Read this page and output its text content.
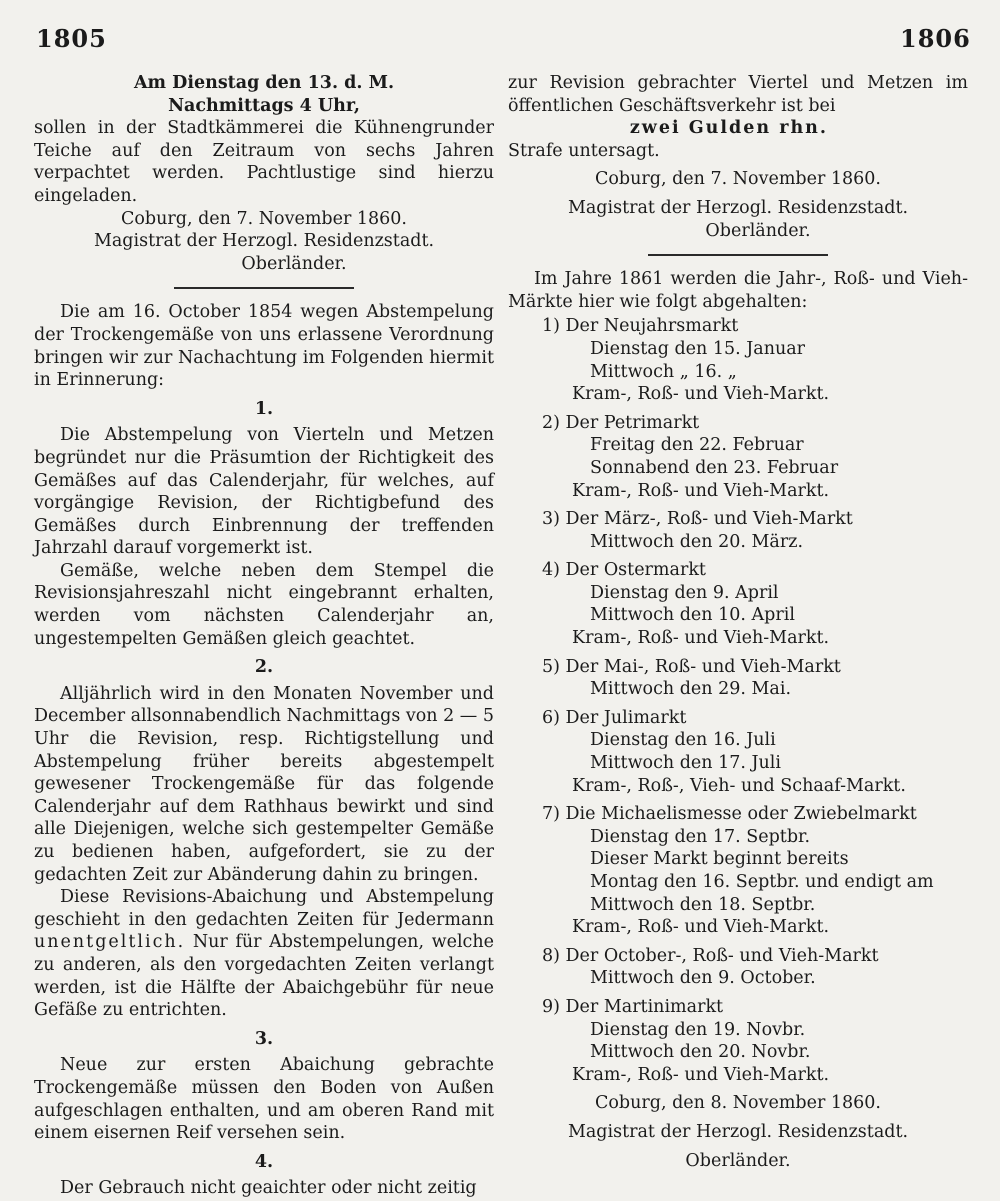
1805	1806

Am Dienstag den 13. d. M.

Nachmittags 4 Uhr,

sollen in der Stadtkämmerei die Kühnengrunder Teiche auf den Zeitraum von sechs Jahren verpachtet werden. Pachtlustige sind hierzu eingeladen.

Coburg, den 7. November 1860.

Magistrat der Herzogl. Residenzstadt.

Oberländer.

Die am 16. October 1854 wegen Abstempelung der Trockengemäße von uns erlassene Verordnung bringen wir zur Nachachtung im Folgenden hiermit in Erinnerung:

1.

Die Abstempelung von Vierteln und Metzen begründet nur die Präsumtion der Richtigkeit des Gemäßes auf das Calenderjahr, für welches, auf vorgängige Revision, der Richtigbefund des Gemäßes durch Einbrennung der treffenden Jahrzahl darauf vorgemerkt ist.

Gemäße, welche neben dem Stempel die Revisionsjahreszahl nicht eingebrannt erhalten, werden vom nächsten Calenderjahr an, ungestempelten Gemäßen gleich geachtet.

2.

Alljährlich wird in den Monaten November und December allsonnabendlich Nachmittags von 2 — 5 Uhr die Revision, resp. Richtigstellung und Abstempelung früher bereits abgestempelt gewesener Trockengemäße für das folgende Calenderjahr auf dem Rathhaus bewirkt und sind alle Diejenigen, welche sich gestempelter Gemäße zu bedienen haben, aufgefordert, sie zu der gedachten Zeit zur Abänderung dahin zu bringen.

Diese Revisions-Abaichung und Abstempelung geschieht in den gedachten Zeiten für Jedermann unentgeltlich. Nur für Abstempelungen, welche zu anderen, als den vorgedachten Zeiten verlangt werden, ist die Hälfte der Abaichgebühr für neue Gefäße zu entrichten.

3.

Neue zur ersten Abaichung gebrachte Trockengemäße müssen den Boden von Außen aufgeschlagen enthalten, und am oberen Rand mit einem eisernen Reif versehen sein.

4.

Der Gebrauch nicht geaichter oder nicht zeitig

zur Revision gebrachter Viertel und Metzen im öffentlichen Geschäftsverkehr ist bei

zwei Gulden rhn.

Strafe untersagt.

Coburg, den 7. November 1860.

Magistrat der Herzogl. Residenzstadt.

Oberländer.

Im Jahre 1861 werden die Jahr-, Roß- und Vieh-Märkte hier wie folgt abgehalten:

1) Der Neujahrsmarkt

Dienstag den 15. Januar

Mittwoch „ 16. „

Kram-, Roß- und Vieh-Markt.

2) Der Petrimarkt

Freitag den 22. Februar

Sonnabend den 23. Februar

Kram-, Roß- und Vieh-Markt.

3) Der März-, Roß- und Vieh-Markt

Mittwoch den 20. März.

4) Der Ostermarkt

Dienstag den 9. April

Mittwoch den 10. April

Kram-, Roß- und Vieh-Markt.

5) Der Mai-, Roß- und Vieh-Markt

Mittwoch den 29. Mai.

6) Der Julimarkt

Dienstag den 16. Juli

Mittwoch den 17. Juli

Kram-, Roß-, Vieh- und Schaaf-Markt.

7) Die Michaelismesse oder Zwiebelmarkt

Dienstag den 17. Septbr.

Dieser Markt beginnt bereits

Montag den 16. Septbr. und endigt am

Mittwoch den 18. Septbr.

Kram-, Roß- und Vieh-Markt.

8) Der October-, Roß- und Vieh-Markt

Mittwoch den 9. October.

9) Der Martinimarkt

Dienstag den 19. Novbr.

Mittwoch den 20. Novbr.

Kram-, Roß- und Vieh-Markt.

Coburg, den 8. November 1860.

Magistrat der Herzogl. Residenzstadt.

Oberländer.
